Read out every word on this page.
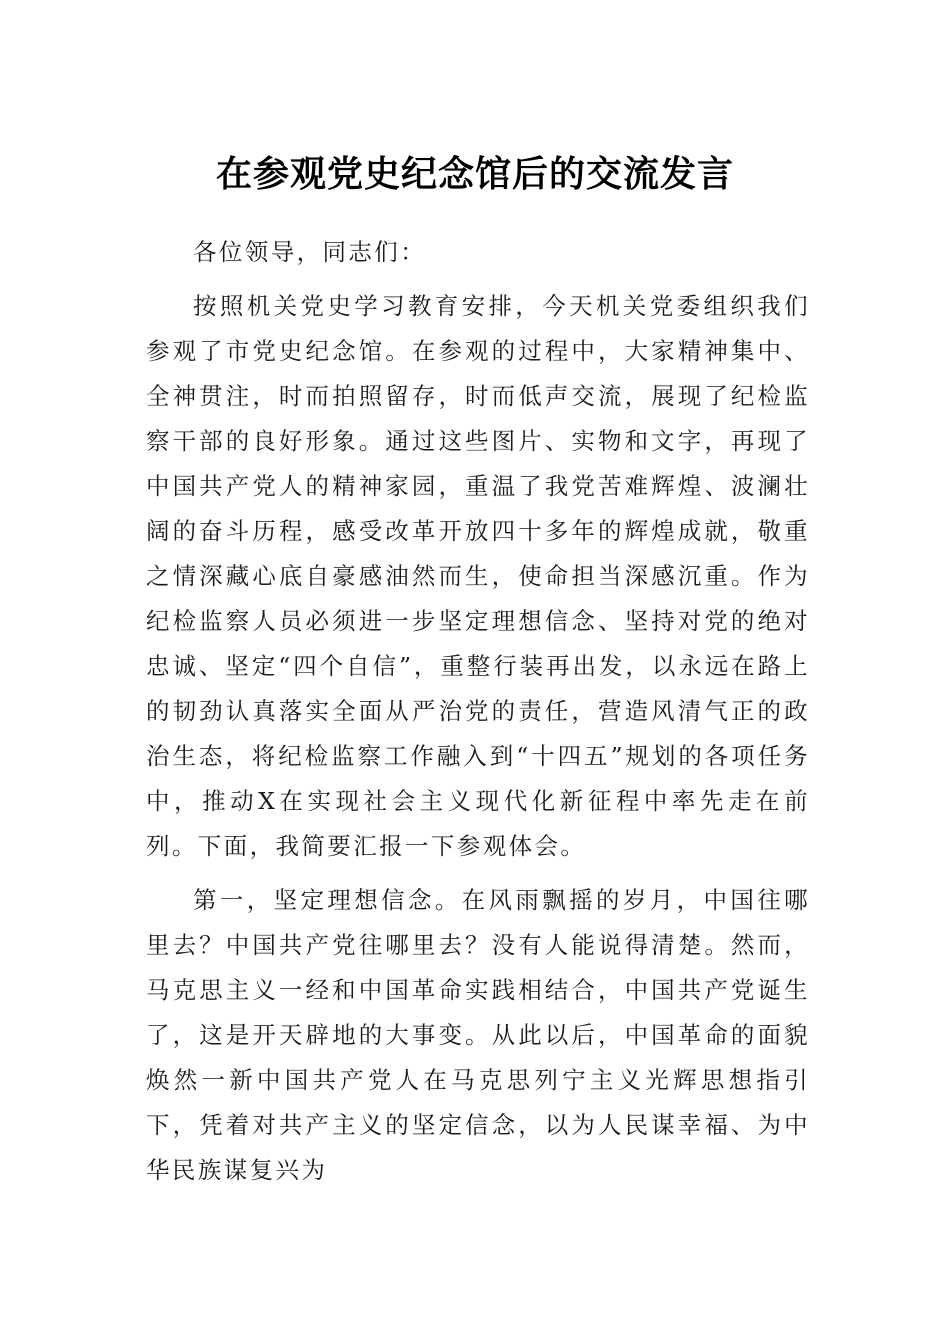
在参观党史纪念馆后的交流发言

各位领导，同志们：

按照机关党史学习教育安排，今天机关党委组织我们参观了市党史纪念馆。在参观的过程中，大家精神集中、全神贯注，时而拍照留存，时而低声交流，展现了纪检监察干部的良好形象。通过这些图片、实物和文字，再现了中国共产党人的精神家园，重温了我党苦难辉煌、波澜壮阔的奋斗历程，感受改革开放四十多年的辉煌成就，敬重之情深藏心底自豪感油然而生，使命担当深感沉重。作为纪检监察人员必须进一步坚定理想信念、坚持对党的绝对忠诚、坚定“四个自信”，重整行装再出发，以永远在路上的韧劲认真落实全面从严治党的责任，营造风清气正的政治生态，将纪检监察工作融入到“十四五”规划的各项任务中，推动X在实现社会主义现代化新征程中率先走在前列。下面，我简要汇报一下参观体会。

第一，坚定理想信念。在风雨飘摇的岁月，中国往哪里去？中国共产党往哪里去？没有人能说得清楚。然而，马克思主义一经和中国革命实践相结合，中国共产党诞生了，这是开天辟地的大事变。从此以后，中国革命的面貌焕然一新中国共产党人在马克思列宁主义光辉思想指引下，凭着对共产主义的坚定信念，以为人民谋幸福、为中华民族谋复兴为
